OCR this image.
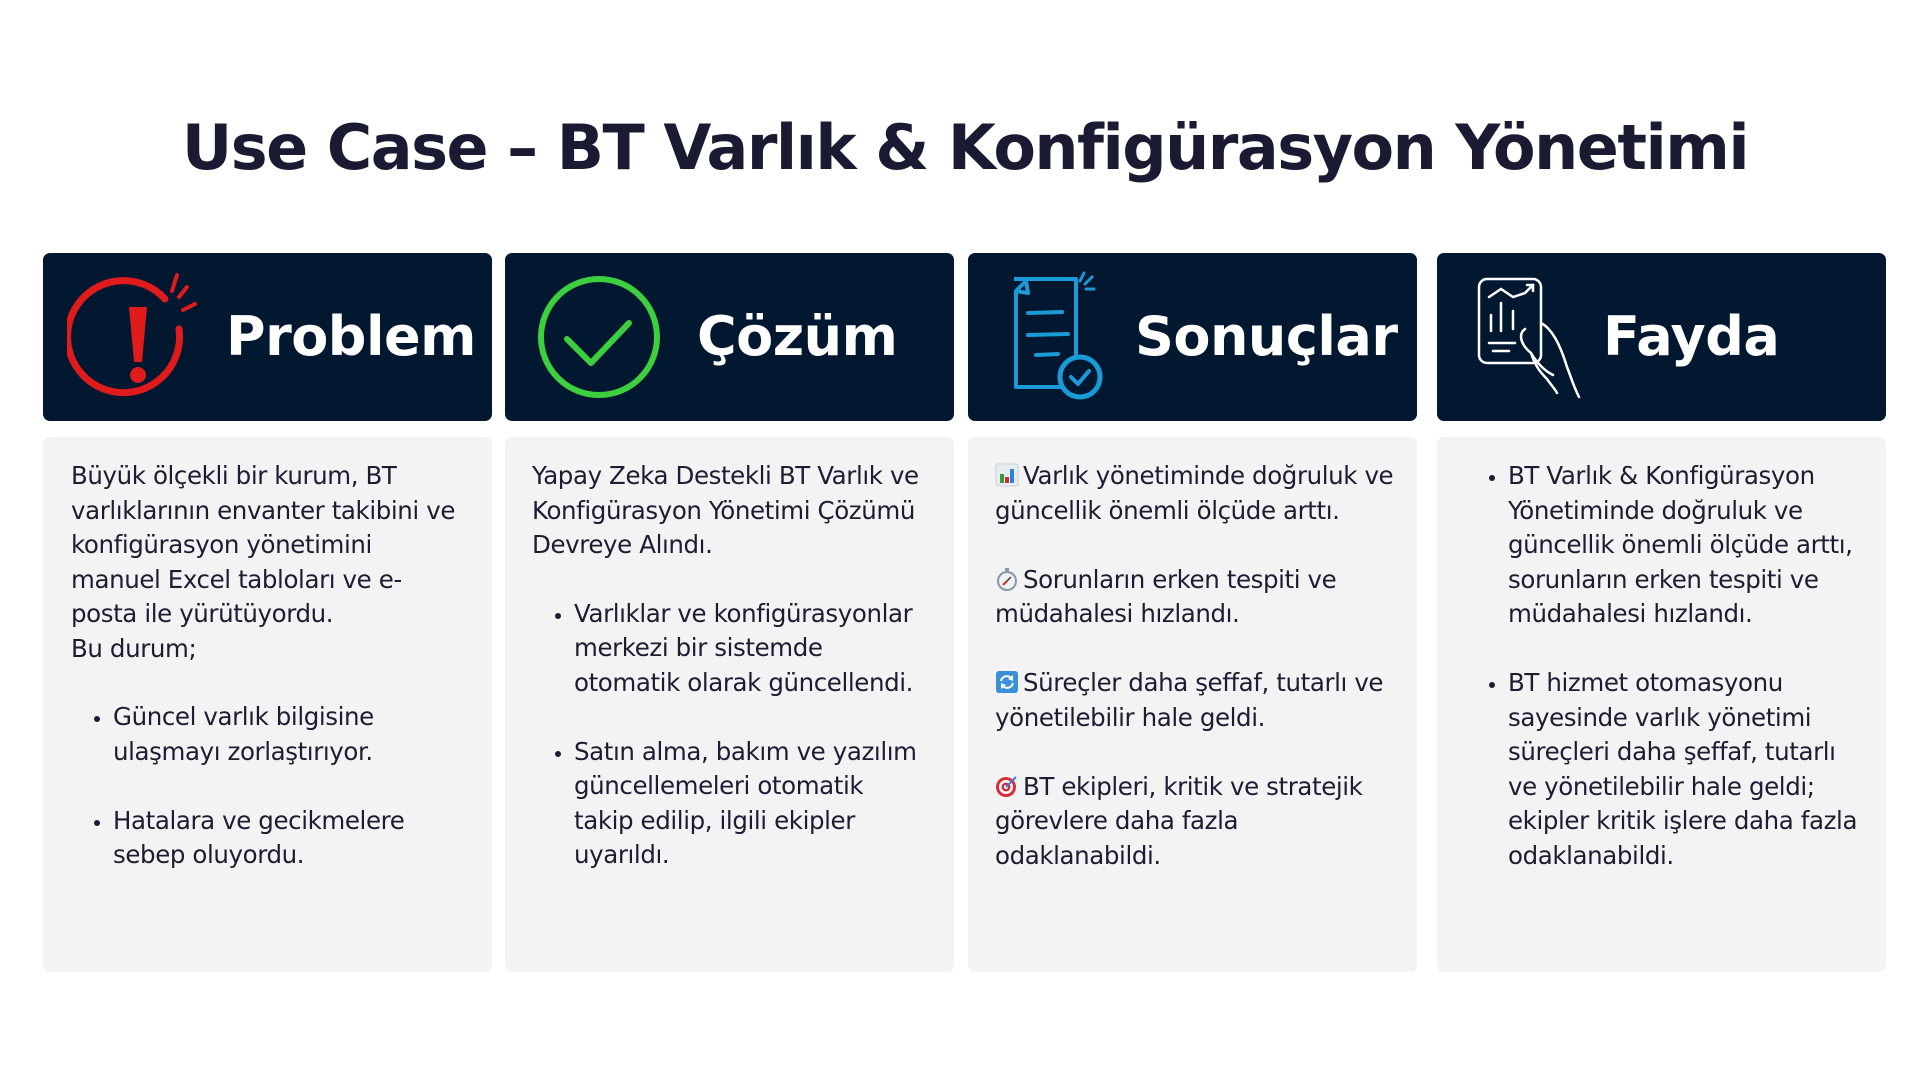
Use Case – BT Varlık & Konfigürasyon Yönetimi
Problem

Büyük ölçekli bir kurum, BT varlıklarının envanter takibini ve konfigürasyon yönetimini manuel Excel tabloları ve e-posta ile yürütüyordu.

Bu durum;

• Güncel varlık bilgisine ulaşmayı zorlaştırıyor.
• Hatalara ve gecikmelere sebep oluyordu.
Çözüm

Yapay Zeka Destekli BT Varlık ve Konfigürasyon Yönetimi Çözümü Devreye Alındı.

• Varlıklar ve konfigürasyonlar merkezi bir sistemde otomatik olarak güncellendi.
• Satın alma, bakım ve yazılım güncellemeleri otomatik takip edilip, ilgili ekipler uyarıldı.
Sonuçlar

Varlık yönetiminde doğruluk ve güncellik önemli ölçüde arttı.

Sorunların erken tespiti ve müdahalesi hızlandı.

Süreçler daha şeffaf, tutarlı ve yönetilebilir hale geldi.

BT ekipleri, kritik ve stratejik görevlere daha fazla odaklanabildi.

Fayda
• BT Varlık & Konfigürasyon Yönetiminde doğruluk ve güncellik önemli ölçüde arttı, sorunların erken tespiti ve müdahalesi hızlandı.
• BT hizmet otomasyonu sayesinde varlık yönetimi süreçleri daha şeffaf, tutarlı ve yönetilebilir hale geldi; ekipler kritik işlere daha fazla odaklanabildi.
